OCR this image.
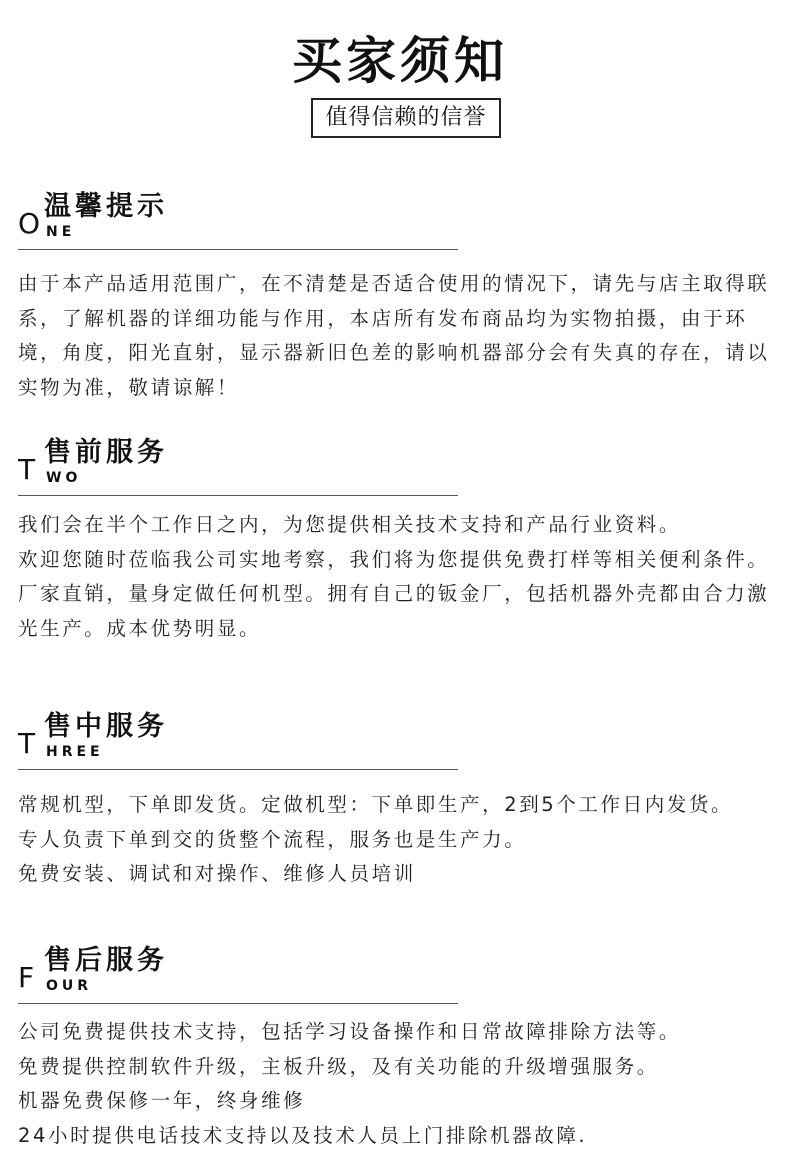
买家须知
值得信赖的信誉
O
温馨提示
NE

由于本产品适用范围广，在不清楚是否适合使用的情况下，请先与店主取得联系，了解机器的详细功能与作用，本店所有发布商品均为实物拍摄，由于环境，角度，阳光直射，显示器新旧色差的影响机器部分会有失真的存在，请以实物为准，敬请谅解！

T
售前服务
WO

我们会在半个工作日之内，为您提供相关技术支持和产品行业资料。

欢迎您随时莅临我公司实地考察，我们将为您提供免费打样等相关便利条件。

厂家直销，量身定做任何机型。拥有自己的钣金厂，包括机器外壳都由合力激光生产。成本优势明显。

T
售中服务
HREE

常规机型，下单即发货。定做机型：下单即生产，2到5个工作日内发货。

专人负责下单到交的货整个流程，服务也是生产力。

免费安装、调试和对操作、维修人员培训

F
售后服务
OUR

公司免费提供技术支持，包括学习设备操作和日常故障排除方法等。

免费提供控制软件升级，主板升级，及有关功能的升级增强服务。

机器免费保修一年，终身维修

24小时提供电话技术支持以及技术人员上门排除机器故障.
